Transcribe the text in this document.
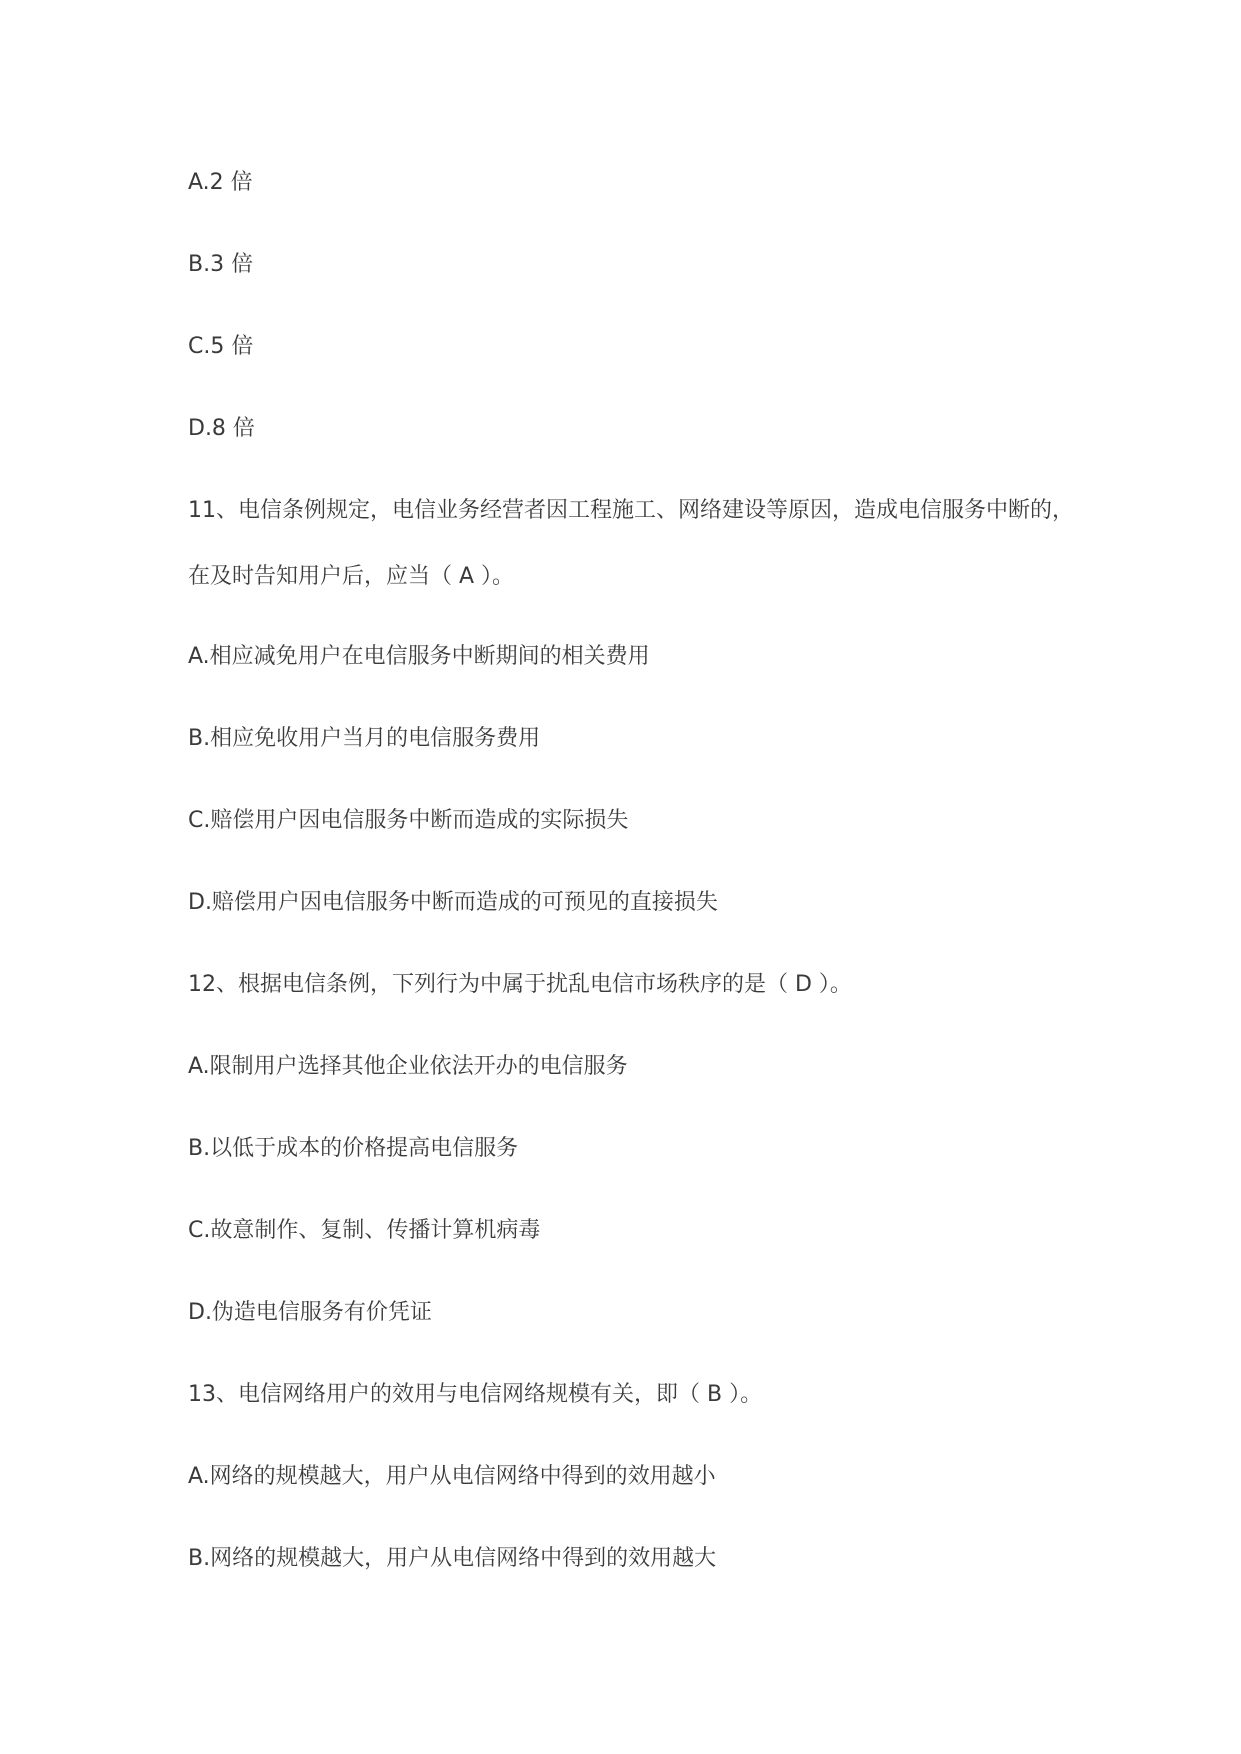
A.2 倍
B.3 倍
C.5 倍
D.8 倍
11、电信条例规定，电信业务经营者因工程施工、网络建设等原因，造成电信服务中断的，
在及时告知用户后，应当（ A ）。
A.相应减免用户在电信服务中断期间的相关费用
B.相应免收用户当月的电信服务费用
C.赔偿用户因电信服务中断而造成的实际损失
D.赔偿用户因电信服务中断而造成的可预见的直接损失
12、根据电信条例，下列行为中属于扰乱电信市场秩序的是（ D ）。
A.限制用户选择其他企业依法开办的电信服务
B.以低于成本的价格提高电信服务
C.故意制作、复制、传播计算机病毒
D.伪造电信服务有价凭证
13、电信网络用户的效用与电信网络规模有关，即（ B ）。
A.网络的规模越大，用户从电信网络中得到的效用越小
B.网络的规模越大，用户从电信网络中得到的效用越大
